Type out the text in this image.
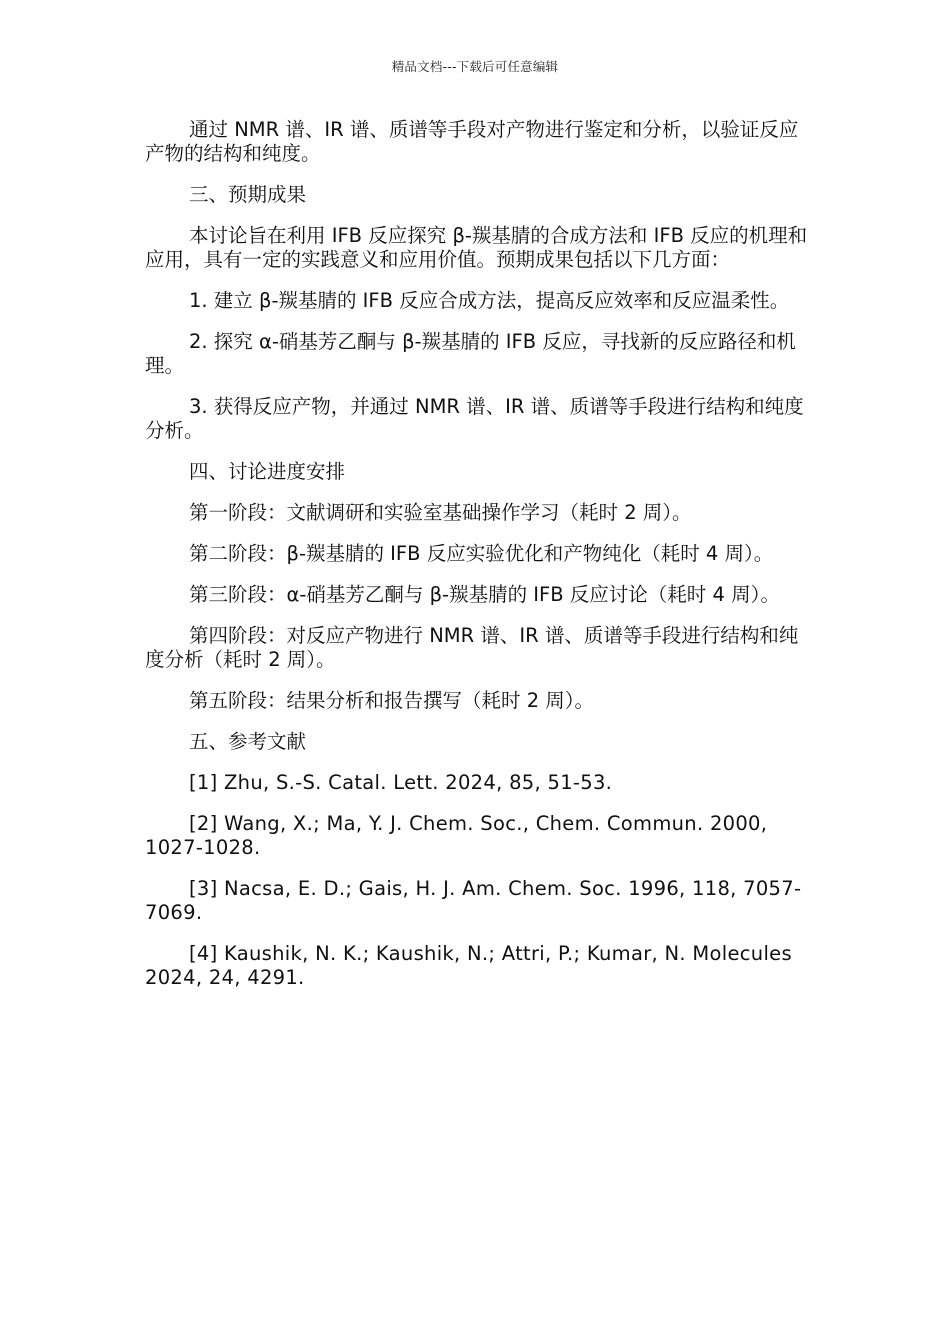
精品文档---下载后可任意编辑

通过 NMR 谱、IR 谱、质谱等手段对产物进行鉴定和分析，以验证反应产物的结构和纯度。

三、预期成果

本讨论旨在利用 IFB 反应探究 β-羰基腈的合成方法和 IFB 反应的机理和应用，具有一定的实践意义和应用价值。预期成果包括以下几方面：

1. 建立 β-羰基腈的 IFB 反应合成方法，提高反应效率和反应温柔性。

2. 探究 α-硝基芳乙酮与 β-羰基腈的 IFB 反应，寻找新的反应路径和机理。

3. 获得反应产物，并通过 NMR 谱、IR 谱、质谱等手段进行结构和纯度分析。

四、讨论进度安排

第一阶段：文献调研和实验室基础操作学习（耗时 2 周）。

第二阶段：β-羰基腈的 IFB 反应实验优化和产物纯化（耗时 4 周）。

第三阶段：α-硝基芳乙酮与 β-羰基腈的 IFB 反应讨论（耗时 4 周）。

第四阶段：对反应产物进行 NMR 谱、IR 谱、质谱等手段进行结构和纯度分析（耗时 2 周）。

第五阶段：结果分析和报告撰写（耗时 2 周）。

五、参考文献

[1] Zhu, S.-S. Catal. Lett. 2024, 85, 51-53.

[2] Wang, X.; Ma, Y. J. Chem. Soc., Chem. Commun. 2000, 1027-1028.

[3] Nacsa, E. D.; Gais, H. J. Am. Chem. Soc. 1996, 118, 7057-7069.

[4] Kaushik, N. K.; Kaushik, N.; Attri, P.; Kumar, N. Molecules 2024, 24, 4291.
